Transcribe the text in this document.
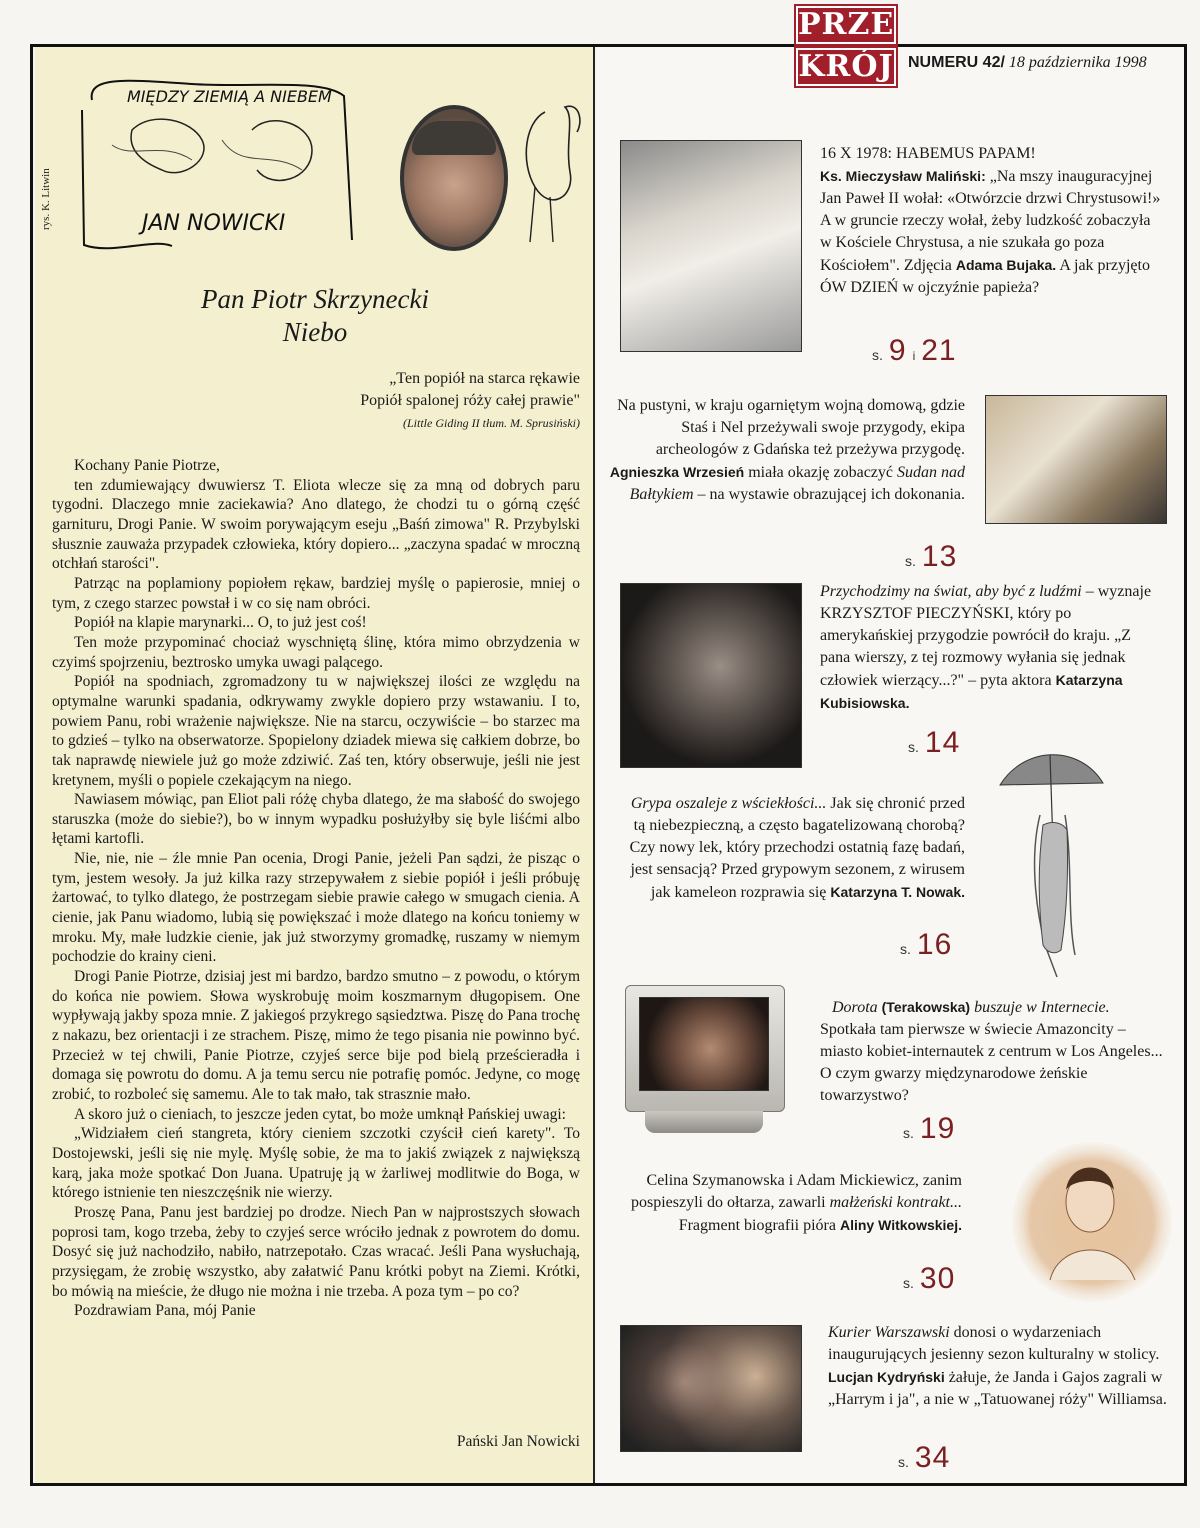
PRZE
KRÓJ NUMERU 42/ 18 października 1998
rys. K. Litwin
MIĘDZY ZIEMIĄ A NIEBEM
JAN NOWICKI
Pan Piotr Skrzynecki
Niebo
„Ten popiół na starca rękawie
Popiół spalonej róży całej prawie"
(Little Giding II tłum. M. Sprusiński)

Kochany Panie Piotrze,

ten zdumiewający dwuwiersz T. Eliota wlecze się za mną od dobrych paru tygodni. Dlaczego mnie zaciekawia? Ano dlatego, że chodzi tu o górną część garnituru, Drogi Panie. W swoim porywającym eseju „Baśń zimowa" R. Przybylski słusznie zauważa przypadek człowieka, który dopiero... „zaczyna spadać w mroczną otchłań starości".

Patrząc na poplamiony popiołem rękaw, bardziej myślę o papierosie, mniej o tym, z czego starzec powstał i w co się nam obróci.

Popiół na klapie marynarki... O, to już jest coś!

Ten może przypominać chociaż wyschniętą ślinę, która mimo obrzydzenia w czyimś spojrzeniu, beztrosko umyka uwagi palącego.

Popiół na spodniach, zgromadzony tu w największej ilości ze względu na optymalne warunki spadania, odkrywamy zwykle dopiero przy wstawaniu. I to, powiem Panu, robi wrażenie największe. Nie na starcu, oczywiście – bo starzec ma to gdzieś – tylko na obserwatorze. Spopielony dziadek miewa się całkiem dobrze, bo tak naprawdę niewiele już go może zdziwić. Zaś ten, który obserwuje, jeśli nie jest kretynem, myśli o popiele czekającym na niego.

Nawiasem mówiąc, pan Eliot pali różę chyba dlatego, że ma słabość do swojego staruszka (może do siebie?), bo w innym wypadku posłużyłby się byle liśćmi albo łętami kartofli.

Nie, nie, nie – źle mnie Pan ocenia, Drogi Panie, jeżeli Pan sądzi, że pisząc o tym, jestem wesoły. Ja już kilka razy strzepywałem z siebie popiół i jeśli próbuję żartować, to tylko dlatego, że postrzegam siebie prawie całego w smugach cienia. A cienie, jak Panu wiadomo, lubią się powiększać i może dlatego na końcu toniemy w mroku. My, małe ludzkie cienie, jak już stworzymy gromadkę, ruszamy w niemym pochodzie do krainy cieni.

Drogi Panie Piotrze, dzisiaj jest mi bardzo, bardzo smutno – z powodu, o którym do końca nie powiem. Słowa wyskrobuję moim koszmarnym długopisem. One wypływają jakby spoza mnie. Z jakiegoś przykrego sąsiedztwa. Piszę do Pana trochę z nakazu, bez orientacji i ze strachem. Piszę, mimo że tego pisania nie powinno być. Przecież w tej chwili, Panie Piotrze, czyjeś serce bije pod bielą prześcieradła i domaga się powrotu do domu. A ja temu sercu nie potrafię pomóc. Jedyne, co mogę zrobić, to rozboleć się samemu. Ale to tak mało, tak strasznie mało.

A skoro już o cieniach, to jeszcze jeden cytat, bo może umknął Pańskiej uwagi:

„Widziałem cień stangreta, który cieniem szczotki czyścił cień karety". To Dostojewski, jeśli się nie mylę. Myślę sobie, że ma to jakiś związek z największą karą, jaka może spotkać Don Juana. Upatruję ją w żarliwej modlitwie do Boga, w którego istnienie ten nieszczęśnik nie wierzy.

Proszę Pana, Panu jest bardziej po drodze. Niech Pan w najprostszych słowach poprosi tam, kogo trzeba, żeby to czyjeś serce wróciło jednak z powrotem do domu. Dosyć się już nachodziło, nabiło, natrzepotało. Czas wracać. Jeśli Pana wysłuchają, przysięgam, że zrobię wszystko, aby załatwić Panu krótki pobyt na Ziemi. Krótki, bo mówią na mieście, że długo nie można i nie trzeba. A poza tym – po co?

Pozdrawiam Pana, mój Panie

Pański Jan Nowicki
16 X 1978: HABEMUS PAPAM!
Ks. Mieczysław Maliński: „Na mszy inauguracyjnej Jan Paweł II wołał: «Otwórzcie drzwi Chrystusowi!» A w gruncie rzeczy wołał, żeby ludzkość zobaczyła w Kościele Chrystusa, a nie szukała go poza Kościołem". Zdjęcia Adama Bujaka. A jak przyjęto ÓW DZIEŃ w ojczyźnie papieża?
s. 9 i 21
Na pustyni, w kraju ogarniętym wojną domową, gdzie Staś i Nel przeżywali swoje przygody, ekipa archeologów z Gdańska też przeżywa przygodę. Agnieszka Wrzesień miała okazję zobaczyć Sudan nad Bałtykiem – na wystawie obrazującej ich dokonania.
s. 13
Przychodzimy na świat, aby być z ludźmi – wyznaje KRZYSZTOF PIECZYŃSKI, który po amerykańskiej przygodzie powrócił do kraju. „Z pana wierszy, z tej rozmowy wyłania się jednak człowiek wierzący...?" – pyta aktora Katarzyna Kubisiowska.
s. 14
Grypa oszaleje z wściekłości... Jak się chronić przed tą niebezpieczną, a często bagatelizowaną chorobą? Czy nowy lek, który przechodzi ostatnią fazę badań, jest sensacją? Przed grypowym sezonem, z wirusem jak kameleon rozprawia się Katarzyna T. Nowak.
s. 16
Dorota (Terakowska) buszuje w Internecie.
Spotkała tam pierwsze w świecie Amazoncity – miasto kobiet-internautek z centrum w Los Angeles... O czym gwarzy międzynarodowe żeńskie towarzystwo?
s. 19
Celina Szymanowska i Adam Mickiewicz, zanim pospieszyli do ołtarza, zawarli małżeński kontrakt... Fragment biografii pióra Aliny Witkowskiej.
s. 30
Kurier Warszawski donosi o wydarzeniach inaugurujących jesienny sezon kulturalny w stolicy. Lucjan Kydryński żałuje, że Janda i Gajos zagrali w „Harrym i ja", a nie w „Tatuowanej róży" Williamsa.
s. 34
